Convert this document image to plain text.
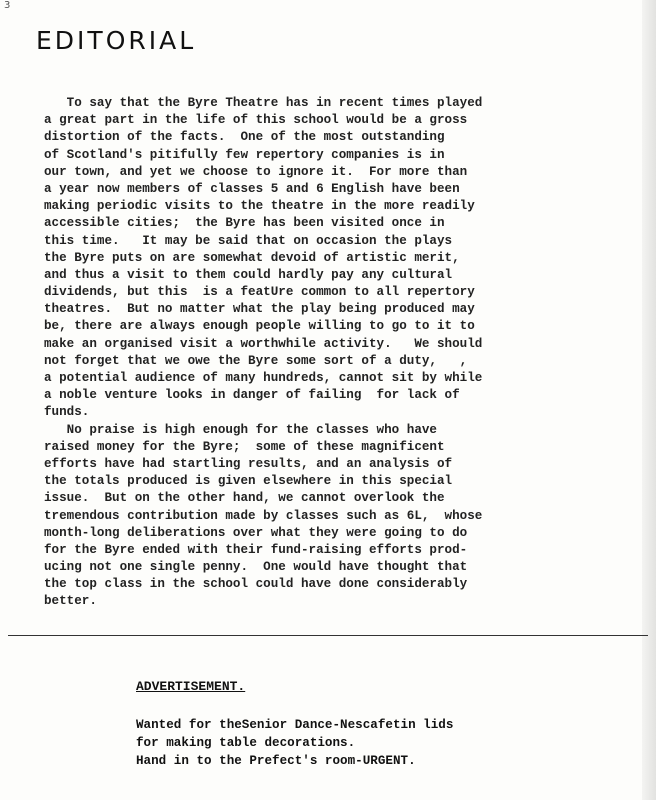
3
EDITORIAL
To say that the Byre Theatre has in recent times played
a great part in the life of this school would be a gross
distortion of the facts.  One of the most outstanding
of Scotland's pitifully few repertory companies is in
our town, and yet we choose to ignore it.  For more than
a year now members of classes 5 and 6 English have been
making periodic visits to the theatre in the more readily
accessible cities;  the Byre has been visited once in
this time.   It may be said that on occasion the plays
the Byre puts on are somewhat devoid of artistic merit,
and thus a visit to them could hardly pay any cultural
dividends, but this  is a featUre common to all repertory
theatres.  But no matter what the play being produced may
be, there are always enough people willing to go to it to
make an organised visit a worthwhile activity.   We should
not forget that we owe the Byre some sort of a duty,   ,
a potential audience of many hundreds, cannot sit by while
a noble venture looks in danger of failing  for lack of
funds.
No praise is high enough for the classes who have
raised money for the Byre;  some of these magnificent
efforts have had startling results, and an analysis of
the totals produced is given elsewhere in this special
issue.  But on the other hand, we cannot overlook the
tremendous contribution made by classes such as 6L,  whose
month-long deliberations over what they were going to do
for the Byre ended with their fund-raising efforts prod-
ucing not one single penny.  One would have thought that
the top class in the school could have done considerably
better.
ADVERTISEMENT.
Wanted for theSenior Dance-Nescafetin lids
for making table decorations.
Hand in to the Prefect's room-URGENT.
